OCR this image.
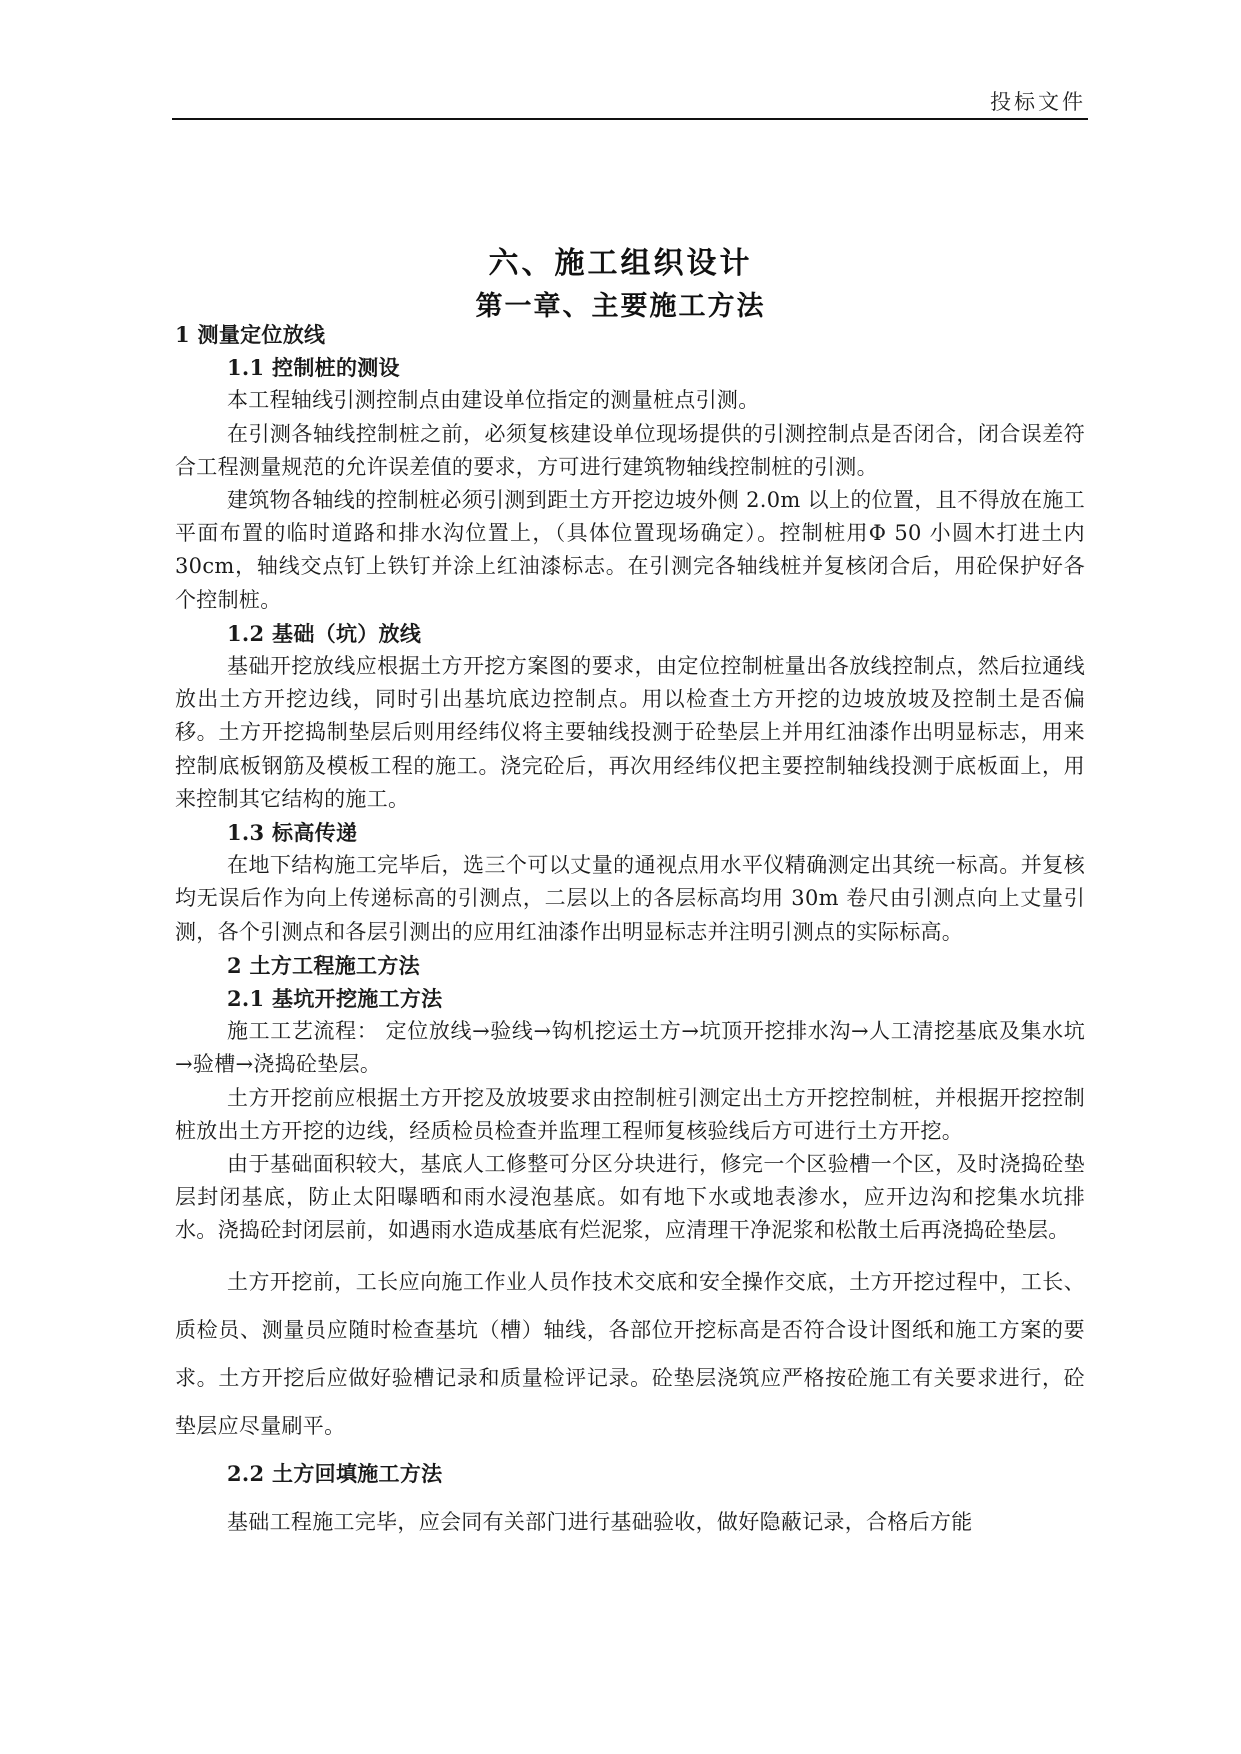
投标文件
六、施工组织设计
第一章、主要施工方法

1 测量定位放线

1.1 控制桩的测设

本工程轴线引测控制点由建设单位指定的测量桩点引测。

在引测各轴线控制桩之前，必须复核建设单位现场提供的引测控制点是否闭合，闭合误差符合工程测量规范的允许误差值的要求，方可进行建筑物轴线控制桩的引测。

建筑物各轴线的控制桩必须引测到距土方开挖边坡外侧 2.0m 以上的位置，且不得放在施工平面布置的临时道路和排水沟位置上，（具体位置现场确定）。控制桩用Φ 50 小圆木打进土内 30cm，轴线交点钉上铁钉并涂上红油漆标志。在引测完各轴线桩并复核闭合后，用砼保护好各个控制桩。

1.2 基础（坑）放线

基础开挖放线应根据土方开挖方案图的要求，由定位控制桩量出各放线控制点，然后拉通线放出土方开挖边线，同时引出基坑底边控制点。用以检查土方开挖的边坡放坡及控制土是否偏移。土方开挖捣制垫层后则用经纬仪将主要轴线投测于砼垫层上并用红油漆作出明显标志，用来控制底板钢筋及模板工程的施工。浇完砼后，再次用经纬仪把主要控制轴线投测于底板面上，用来控制其它结构的施工。

1.3 标高传递

在地下结构施工完毕后，选三个可以丈量的通视点用水平仪精确测定出其统一标高。并复核均无误后作为向上传递标高的引测点，二层以上的各层标高均用 30m 卷尺由引测点向上丈量引测，各个引测点和各层引测出的应用红油漆作出明显标志并注明引测点的实际标高。

2 土方工程施工方法

2.1 基坑开挖施工方法

施工工艺流程： 定位放线→验线→钩机挖运土方→坑顶开挖排水沟→人工清挖基底及集水坑→验槽→浇捣砼垫层。

土方开挖前应根据土方开挖及放坡要求由控制桩引测定出土方开挖控制桩，并根据开挖控制桩放出土方开挖的边线，经质检员检查并监理工程师复核验线后方可进行土方开挖。

由于基础面积较大，基底人工修整可分区分块进行，修完一个区验槽一个区，及时浇捣砼垫层封闭基底，防止太阳曝晒和雨水浸泡基底。如有地下水或地表渗水，应开边沟和挖集水坑排水。浇捣砼封闭层前，如遇雨水造成基底有烂泥浆，应清理干净泥浆和松散土后再浇捣砼垫层。

土方开挖前，工长应向施工作业人员作技术交底和安全操作交底，土方开挖过程中，工长、质检员、测量员应随时检查基坑（槽）轴线，各部位开挖标高是否符合设计图纸和施工方案的要求。土方开挖后应做好验槽记录和质量检评记录。砼垫层浇筑应严格按砼施工有关要求进行，砼垫层应尽量刷平。

2.2 土方回填施工方法

基础工程施工完毕，应会同有关部门进行基础验收，做好隐蔽记录，合格后方能
